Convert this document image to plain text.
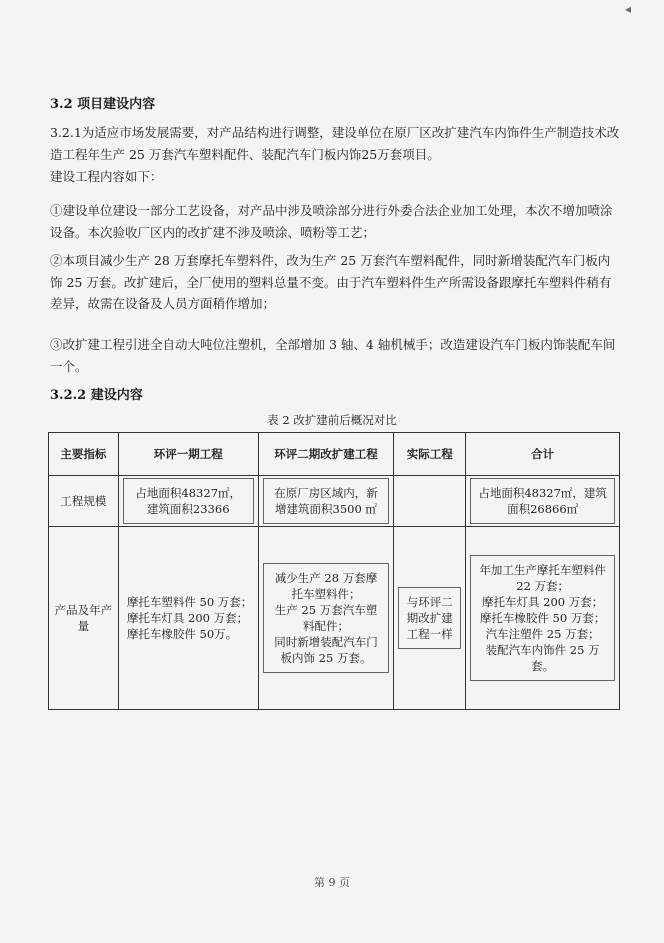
◂
3.2 项目建设内容
3.2.1为适应市场发展需要，对产品结构进行调整，建设单位在原厂区改扩建汽车内饰件生产制造技术改造工程年生产 25 万套汽车塑料配件、装配汽车门板内饰25万套项目。
建设工程内容如下：
①建设单位建设一部分工艺设备，对产品中涉及喷涂部分进行外委合法企业加工处理，本次不增加喷涂设备。本次验收厂区内的改扩建不涉及喷涂、喷粉等工艺；
②本项目减少生产 28 万套摩托车塑料件，改为生产 25 万套汽车塑料配件，同时新增装配汽车门板内饰 25 万套。改扩建后，全厂使用的塑料总量不变。由于汽车塑料件生产所需设备跟摩托车塑料件稍有差异，故需在设备及人员方面稍作增加；
③改扩建工程引进全自动大吨位注塑机，全部增加 3 轴、4 轴机械手；改造建设汽车门板内饰装配车间一个。
3.2.2 建设内容
表 2 改扩建前后概况对比
主要指标	环评一期工程	环评二期改扩建工程	实际工程	合计
工程规模	占地面积48327㎡，建筑面积23366	在原厂房区域内，新增建筑面积3500 ㎡		占地面积48327㎡，建筑面积26866㎡
产品及年产量	摩托车塑料件 50 万套；
摩托车灯具 200 万套；
摩托车橡胶件 50万。	减少生产 28 万套摩托车塑料件；
生产 25 万套汽车塑料配件；
同时新增装配汽车门板内饰 25 万套。	与环评二期改扩建工程一样	年加工生产摩托车塑料件 22 万套；
摩托车灯具 200 万套； 摩托车橡胶件 50 万套；
汽车注塑件 25 万套；
装配汽车内饰件 25 万套。
第 9 页
